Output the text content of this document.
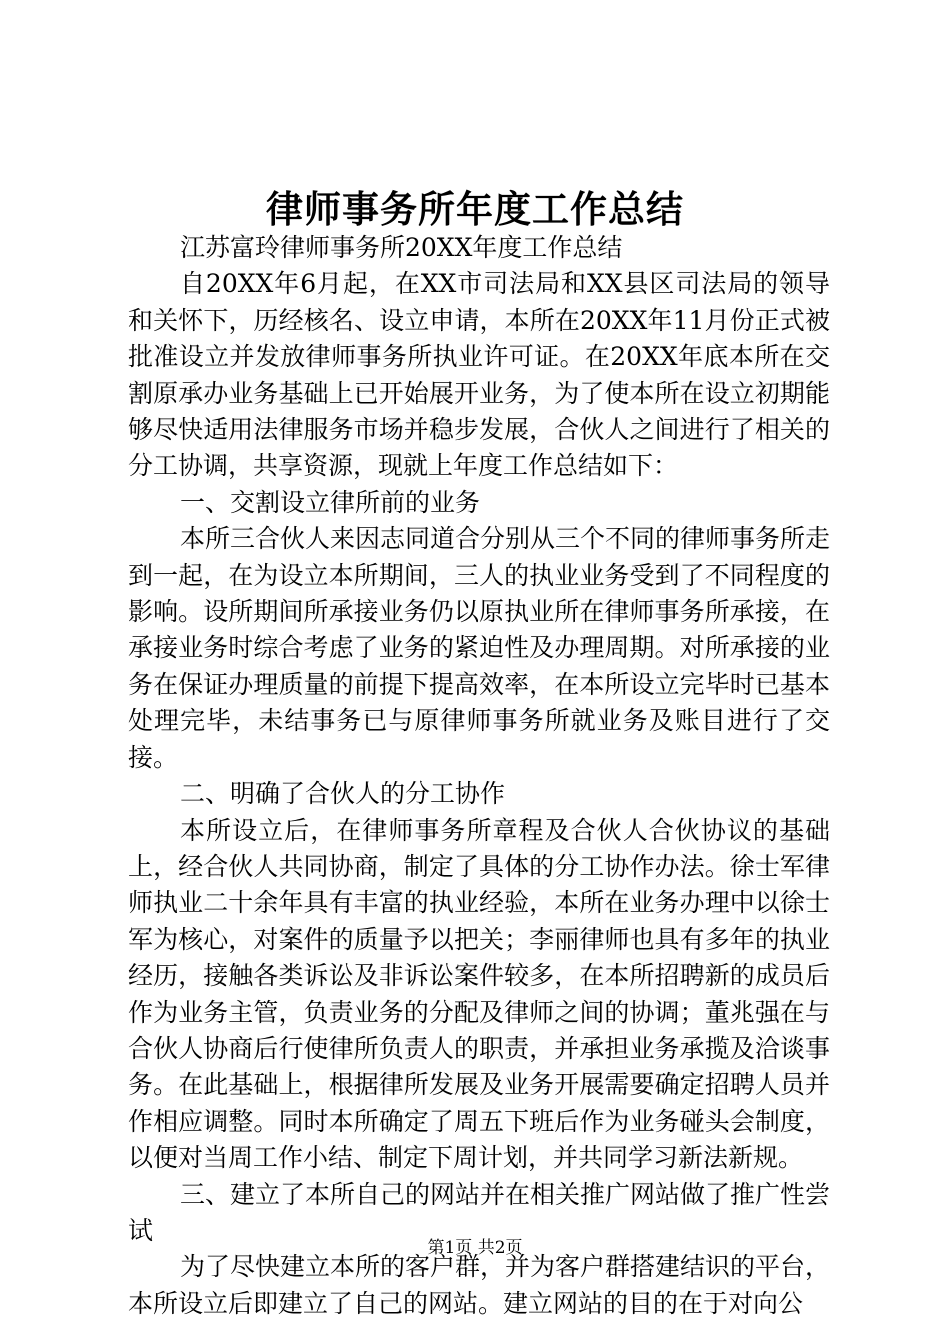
律师事务所年度工作总结

江苏富玲律师事务所20XX年度工作总结

自20XX年6月起，在XX市司法局和XX县区司法局的领导和关怀下，历经核名、设立申请，本所在20XX年11月份正式被批准设立并发放律师事务所执业许可证。在20XX年底本所在交割原承办业务基础上已开始展开业务，为了使本所在设立初期能够尽快适用法律服务市场并稳步发展，合伙人之间进行了相关的分工协调，共享资源，现就上年度工作总结如下：

一、交割设立律所前的业务

本所三合伙人来因志同道合分别从三个不同的律师事务所走到一起，在为设立本所期间，三人的执业业务受到了不同程度的影响。设所期间所承接业务仍以原执业所在律师事务所承接，在承接业务时综合考虑了业务的紧迫性及办理周期。对所承接的业务在保证办理质量的前提下提高效率，在本所设立完毕时已基本处理完毕，未结事务已与原律师事务所就业务及账目进行了交接。

二、明确了合伙人的分工协作

本所设立后，在律师事务所章程及合伙人合伙协议的基础上，经合伙人共同协商，制定了具体的分工协作办法。徐士军律师执业二十余年具有丰富的执业经验，本所在业务办理中以徐士军为核心，对案件的质量予以把关；李丽律师也具有多年的执业经历，接触各类诉讼及非诉讼案件较多，在本所招聘新的成员后作为业务主管，负责业务的分配及律师之间的协调；董兆强在与合伙人协商后行使律所负责人的职责，并承担业务承揽及洽谈事务。在此基础上，根据律所发展及业务开展需要确定招聘人员并作相应调整。同时本所确定了周五下班后作为业务碰头会制度，以便对当周工作小结、制定下周计划，并共同学习新法新规。

三、建立了本所自己的网站并在相关推广网站做了推广性尝试

为了尽快建立本所的客户群，并为客户群搭建结识的平台，本所设立后即建立了自己的网站。建立网站的目的在于对向公

第1页 共2页
